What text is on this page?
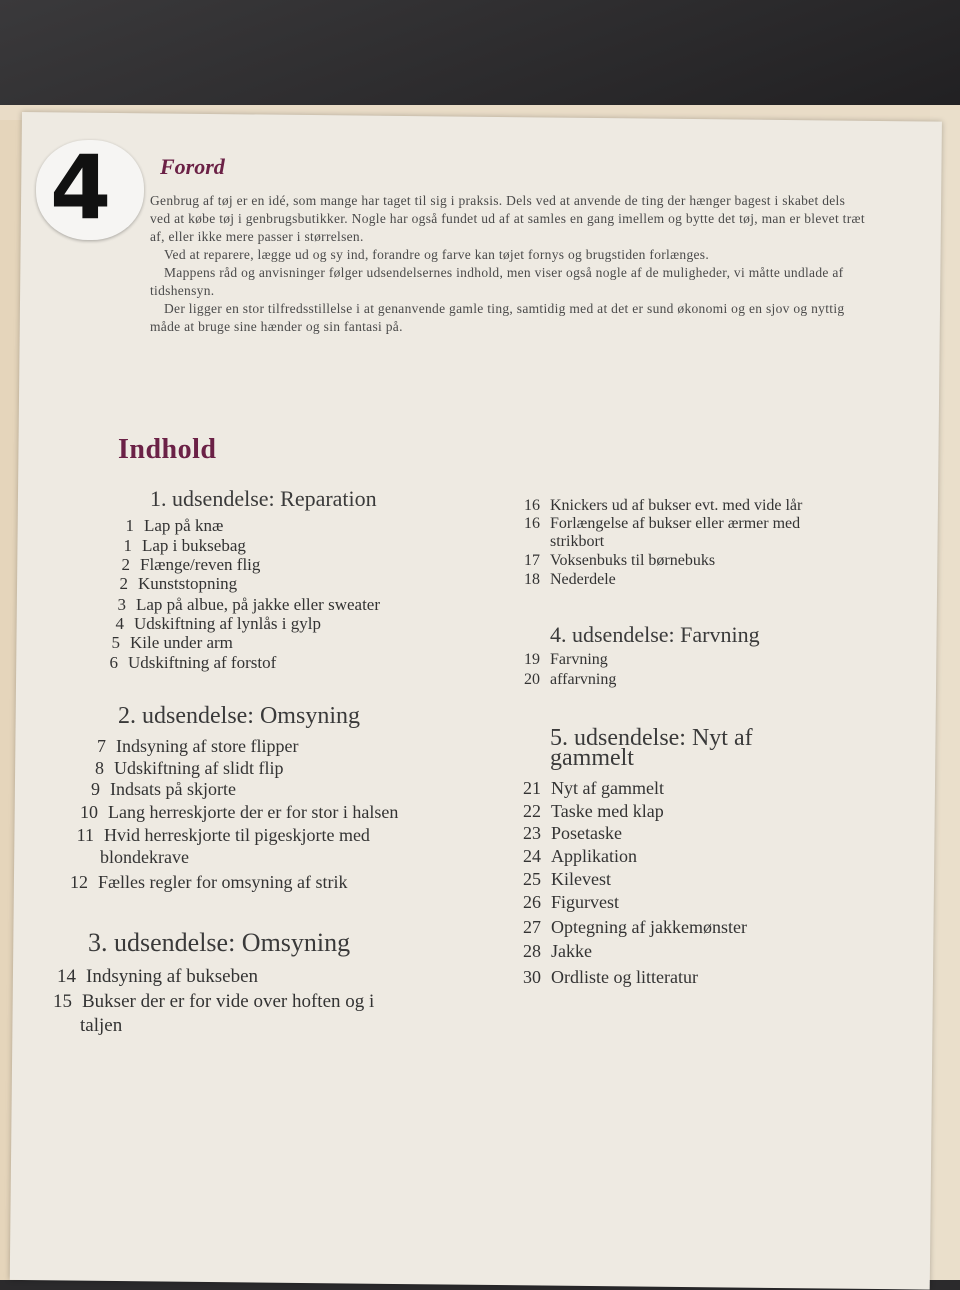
4 Forord

Genbrug af tøj er en idé, som mange har taget til sig i praksis. Dels ved at anvende de ting der hænger bagest i skabet dels ved at købe tøj i genbrugsbutikker. Nogle har også fundet ud af at samles en gang imellem og bytte det tøj, man er blevet træt af, eller ikke mere passer i størrelsen.

Ved at reparere, lægge ud og sy ind, forandre og farve kan tøjet fornys og brugstiden forlænges.

Mappens råd og anvisninger følger udsendelsernes indhold, men viser også nogle af de muligheder, vi måtte undlade af tidshensyn.

Der ligger en stor tilfredsstillelse i at genanvende gamle ting, samtidig med at det er sund økonomi og en sjov og nyttig måde at bruge sine hænder og sin fantasi på.

Indhold
1. udsendelse: Reparation
1 Lap på knæ
1 Lap i buksebag
2 Flænge/reven flig
2 Kunststopning
3 Lap på albue, på jakke eller sweater
4 Udskiftning af lynlås i gylp
5 Kile under arm
6 Udskiftning af forstof
2. udsendelse: Omsyning
7 Indsyning af store flipper
8 Udskiftning af slidt flip
9 Indsats på skjorte
10 Lang herreskjorte der er for stor i halsen
11 Hvid herreskjorte til pigeskjorte med
blondekrave
12 Fælles regler for omsyning af strik
3. udsendelse: Omsyning
14 Indsyning af bukseben
15 Bukser der er for vide over hoften og i
taljen
16 Knickers ud af bukser evt. med vide lår
16 Forlængelse af bukser eller ærmer med
strikbort
17 Voksenbuks til børnebuks
18 Nederdele
4. udsendelse: Farvning
19 Farvning
20 affarvning
5. udsendelse: Nyt af
gammelt
21 Nyt af gammelt
22 Taske med klap
23 Posetaske
24 Applikation
25 Kilevest
26 Figurvest
27 Optegning af jakkemønster
28 Jakke
30 Ordliste og litteratur
